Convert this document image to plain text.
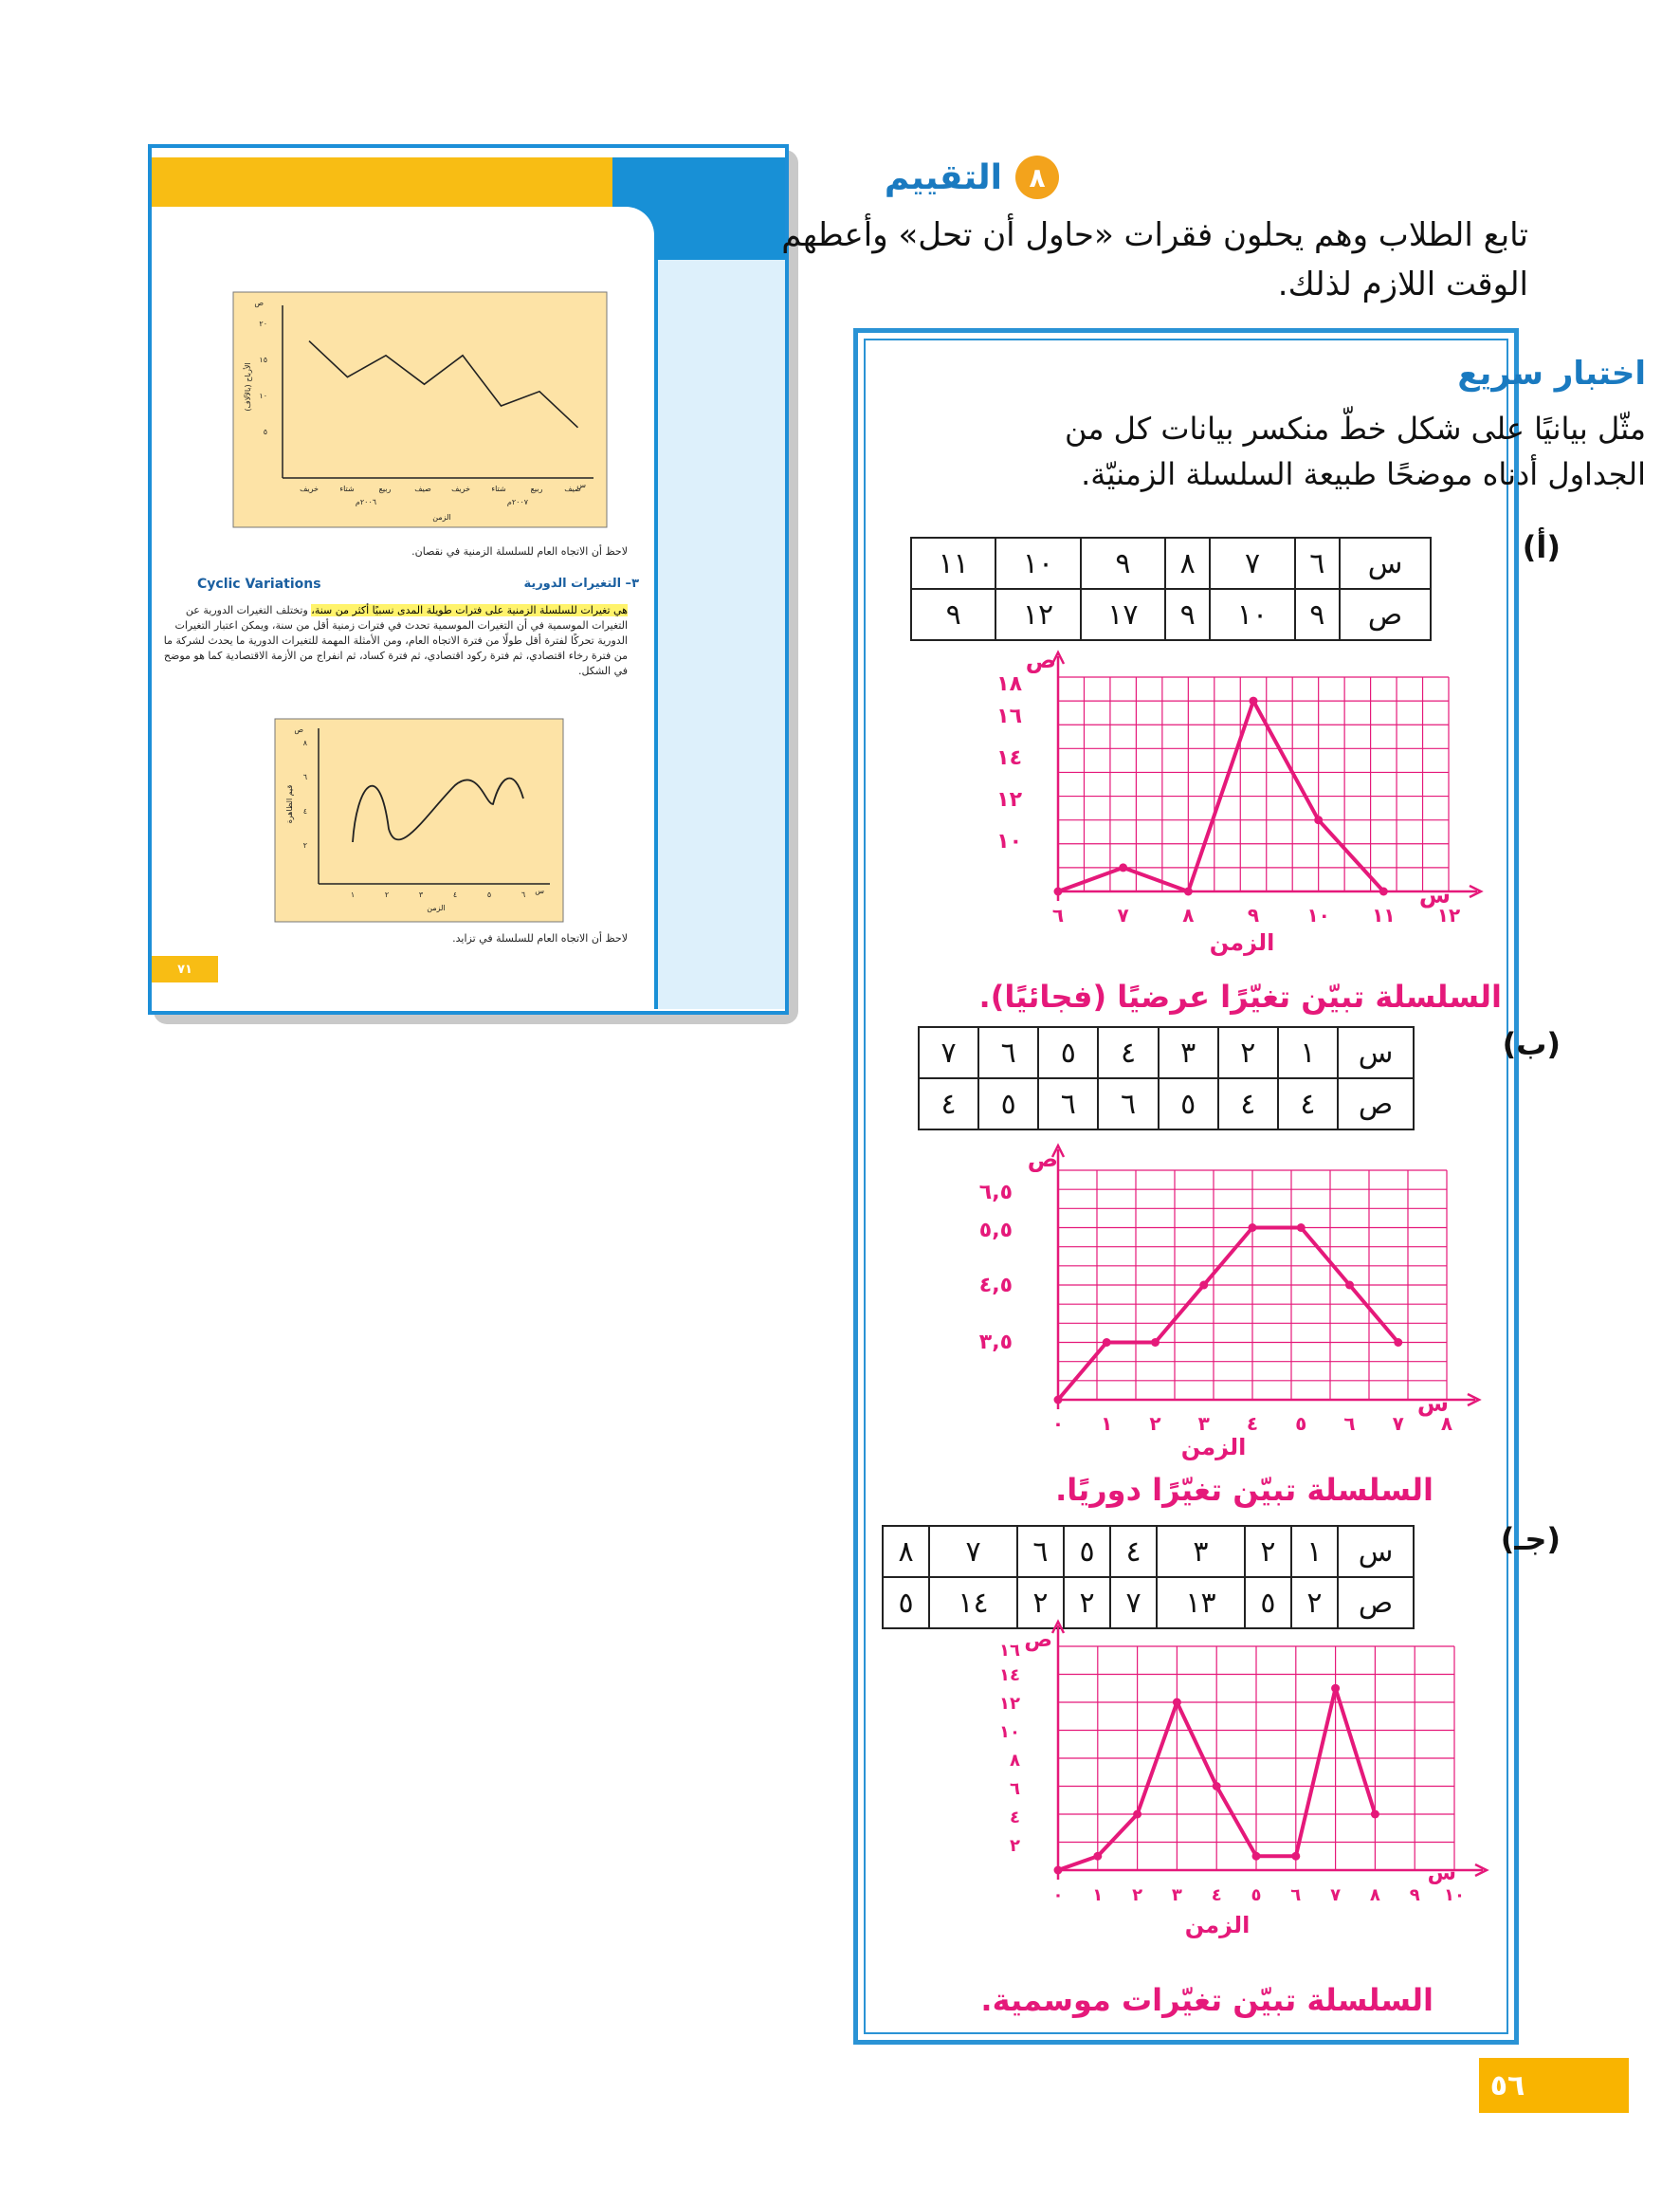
ص
س
٥
١٠
١٥
٢٠
خريف	شتاء	ربيع	صيف	خريف	شتاء	ربيع	صيف
٢٠٠٦م	٢٠٠٧م
الزمن
الأرباح (بالآلاف)
لاحظ أن الاتجاه العام للسلسلة الزمنية في نقصان.
٣– التغيرات الدورية
Cyclic Variations
هي تغيرات للسلسلة الزمنية على فترات طويلة المدى نسبيًا أكثر من سنة، وتختلف التغيرات الدورية عن التغيرات الموسمية في أن التغيرات الموسمية تحدث في فترات زمنية أقل من سنة، ويمكن اعتبار التغيرات الدورية تحركًا لفترة أقل طولًا من فترة الاتجاه العام، ومن الأمثلة المهمة للتغيرات الدورية ما يحدث لشركة ما من فترة رخاء اقتصادي، ثم فترة ركود اقتصادي، ثم فترة كساد، ثم انفراج من الأزمة الاقتصادية كما هو موضح في الشكل.
ص
س
٢
٤
٦
٨
١	٢	٣	٤	٥	٦
الزمن
قيم الظاهرة
لاحظ أن الاتجاه العام للسلسلة في تزايد.
٧١
٨
التقييم
تابع الطلاب وهم يحلون فقرات «حاول أن تحل» وأعطهم الوقت اللازم لذلك.
اختبار سريع
مثّل بيانيًا على شكل خطّ منكسر بيانات كل من الجداول أدناه موضحًا طبيعة السلسلة الزمنيّة.
(أ)
س	٦	٧	٨	٩	١٠	١١
ص	٩	١٠	٩	١٧	١٢	٩
ص
س
١٠
١٢
١٤
١٦
١٨
٦	٧	٨	٩	١٠ ١١ ١٢
الزمن
السلسلة تبيّن تغيّرًا عرضيًا (فجائيًا).
(ب)
س	١	٢	٣	٤	٥	٦	٧
ص	٤	٤	٥	٦	٦	٥	٤
ص
س
٣,٥
٤,٥
٥,٥
٦,٥
٠ ١ ٢ ٣ ٤ ٥ ٦ ٧ ٨
الزمن
السلسلة تبيّن تغيّرًا دوريًا.
(جـ)
س	١	٢	٣	٤	٥	٦	٧	٨
ص	٢	٥	١٣	٧	٢	٢	١٤	٥
ص
س
٢
٤
٦
٨
١٠
١٢
١٤
١٦
٠ ١ ٢ ٣ ٤ ٥ ٦ ٧ ٨ ٩ ١٠
الزمن
السلسلة تبيّن تغيّرات موسمية.
٥٦
